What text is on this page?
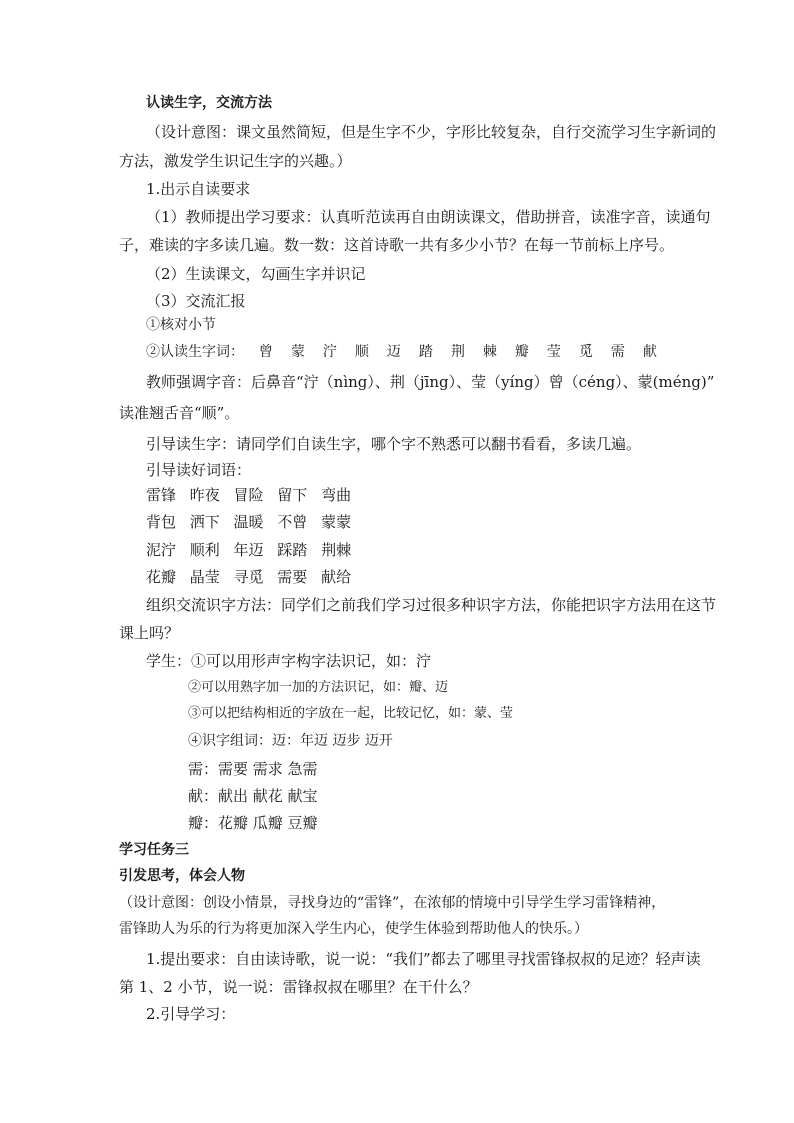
认读生字，交流方法
（设计意图：课文虽然简短，但是生字不少，字形比较复杂，自行交流学习生字新词的
方法，激发学生识记生字的兴趣。）
1.出示自读要求
（1）教师提出学习要求：认真听范读再自由朗读课文，借助拼音，读准字音，读通句
子，难读的字多读几遍。数一数：这首诗歌一共有多少小节？在每一节前标上序号。
（2）生读课文，勾画生字并识记
（3）交流汇报
①核对小节
②认读生字词： 曾 蒙 泞 顺 迈 踏 荆 棘 瓣 莹 觅 需 献
教师强调字音：后鼻音“泞（nìng）、荆（jīng）、莹（yíng）曾（céng）、蒙(méng)”
读准翘舌音“顺”。
引导读生字：请同学们自读生字，哪个字不熟悉可以翻书看看，多读几遍。
引导读好词语：
雷锋 昨夜 冒险 留下 弯曲
背包 洒下 温暖 不曾 蒙蒙
泥泞 顺利 年迈 踩踏 荆棘
花瓣 晶莹 寻觅 需要 献给
组织交流识字方法：同学们之前我们学习过很多种识字方法，你能把识字方法用在这节
课上吗？
学生：①可以用形声字构字法识记，如：泞
②可以用熟字加一加的方法识记，如：瓣、迈
③可以把结构相近的字放在一起，比较记忆，如：蒙、莹
④识字组词：迈：年迈 迈步 迈开
需：需要 需求 急需
献：献出 献花 献宝
瓣：花瓣 瓜瓣 豆瓣
学习任务三
引发思考，体会人物
（设计意图：创设小情景，寻找身边的“雷锋”，在浓郁的情境中引导学生学习雷锋精神，
雷锋助人为乐的行为将更加深入学生内心，使学生体验到帮助他人的快乐。）
1.提出要求：自由读诗歌，说一说：“我们”都去了哪里寻找雷锋叔叔的足迹？轻声读
第 1、2 小节，说一说：雷锋叔叔在哪里？在干什么？
2.引导学习：
